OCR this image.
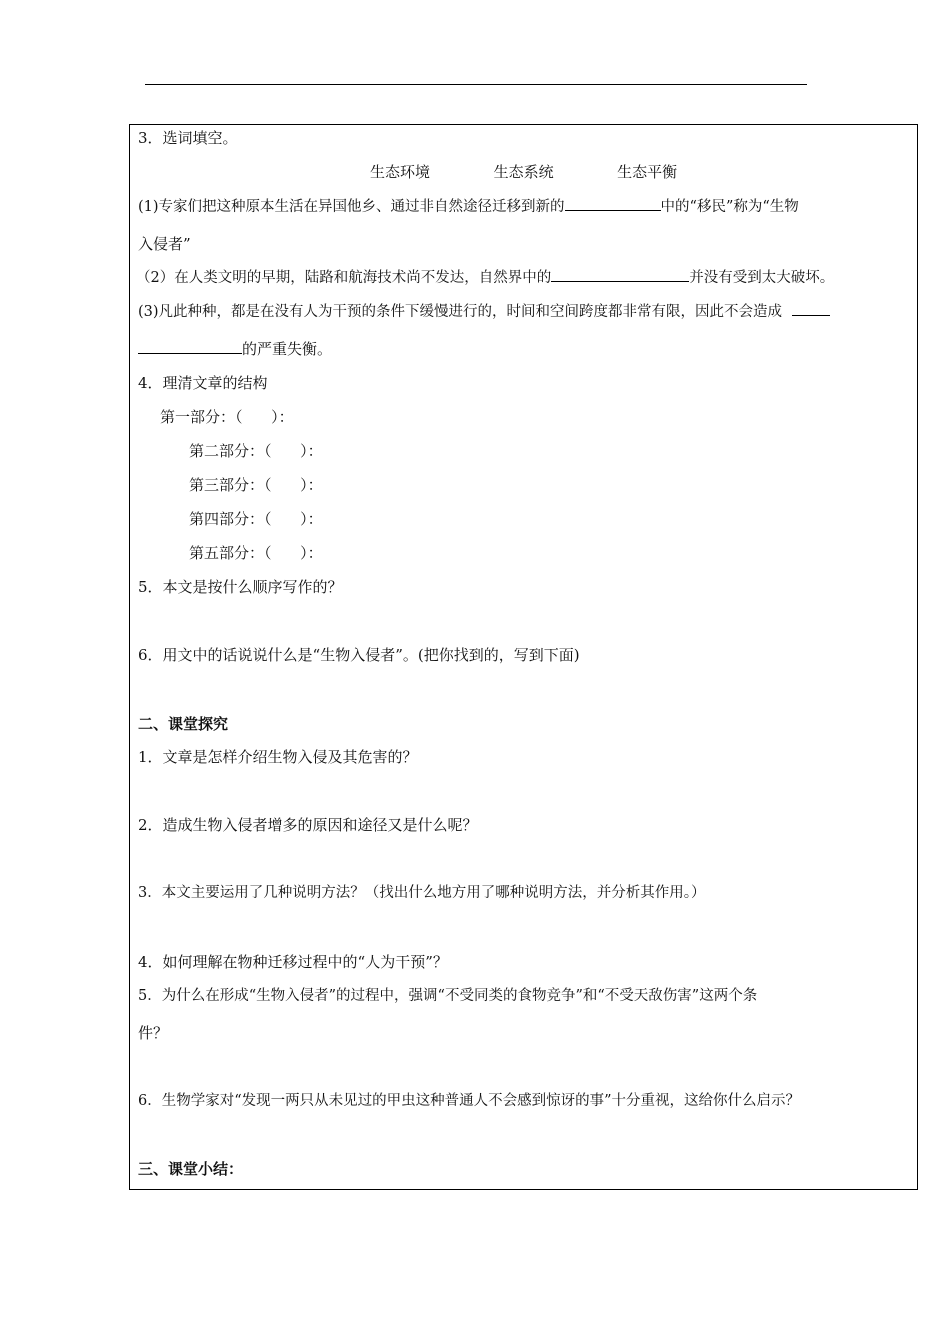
3．选词填空。
生态环境	生态系统	生态平衡
(1)专家们把这种原本生活在异国他乡、通过非自然途径迁移到新的	中的“移民”称为“生物
入侵者”
（2）在人类文明的早期，陆路和航海技术尚不发达，自然界中的	并没有受到太大破坏。
(3)凡此种种，都是在没有人为干预的条件下缓慢进行的，时间和空间跨度都非常有限，因此不会造成
的严重失衡。
4．理清文章的结构
第一部分：（      ）：
第二部分：（      ）：
第三部分：（      ）：
第四部分：（      ）：
第五部分：（      ）：
5．本文是按什么顺序写作的？
6．用文中的话说说什么是“生物入侵者”。(把你找到的，写到下面)
二、课堂探究
1．文章是怎样介绍生物入侵及其危害的？
2．造成生物入侵者增多的原因和途径又是什么呢？
3．本文主要运用了几种说明方法？（找出什么地方用了哪种说明方法，并分析其作用。）
4．如何理解在物种迁移过程中的“人为干预”？
5．为什么在形成“生物入侵者”的过程中，强调“不受同类的食物竞争”和“不受天敌伤害”这两个条
件？
6．生物学家对“发现一两只从未见过的甲虫这种普通人不会感到惊讶的事”十分重视，这给你什么启示？
三、课堂小结：
